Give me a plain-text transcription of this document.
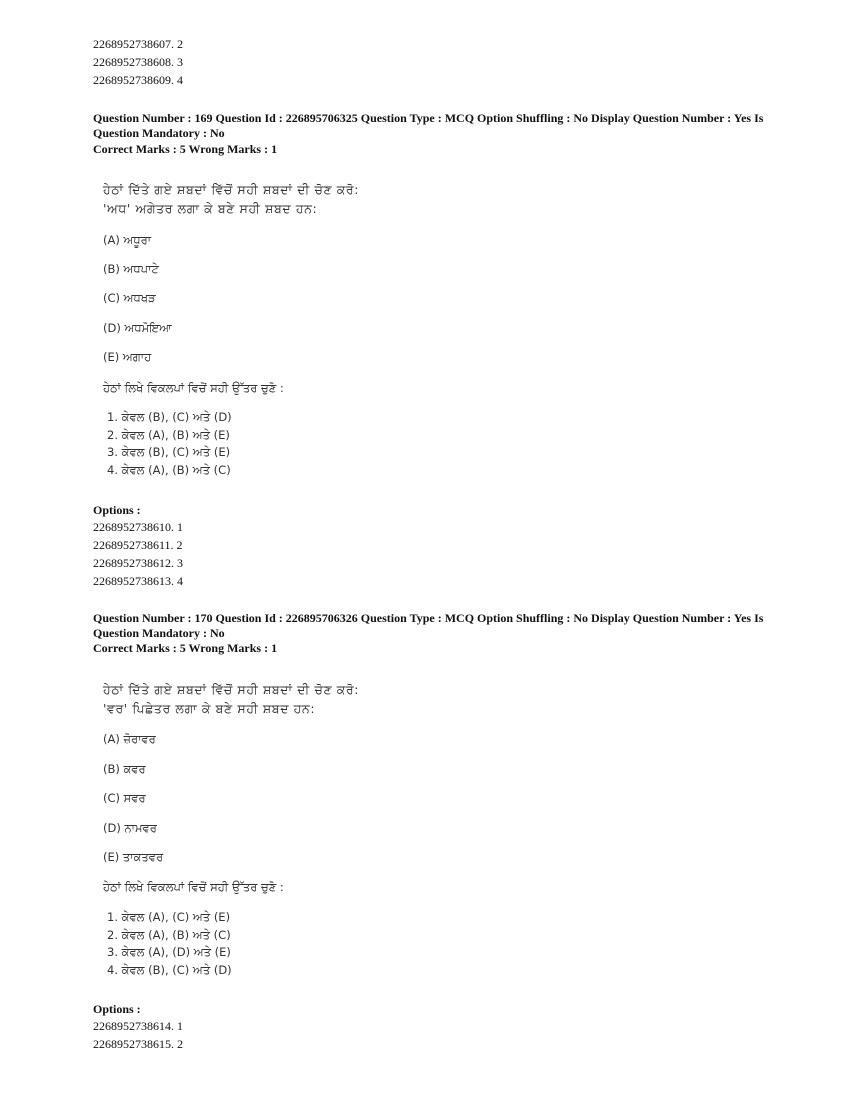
2268952738607. 2
2268952738608. 3
2268952738609. 4
Question Number : 169 Question Id : 226895706325 Question Type : MCQ Option Shuffling : No Display Question Number : Yes Is Question Mandatory : No
Correct Marks : 5 Wrong Marks : 1
ਹੇਠਾਂ ਦਿੱਤੇ ਗਏ ਸ਼ਬਦਾਂ ਵਿੱਚੋਂ ਸਹੀ ਸ਼ਬਦਾਂ ਦੀ ਚੋਣ ਕਰੋ:
'ਅਧ' ਅਗੇਤਰ ਲਗਾ ਕੇ ਬਣੇ ਸਹੀ ਸ਼ਬਦ ਹਨ:
(A) ਅਧੂਰਾ
(B) ਅਧਪਾਟੇ
(C) ਅਧਖੜ
(D) ਅਧਮੋਇਆ
(E) ਅਗਾਹ
ਹੇਠਾਂ ਲਿਖੇ ਵਿਕਲਪਾਂ ਵਿਚੋਂ ਸਹੀ ਉੱਤਰ ਚੁਣੋ :
1. ਕੇਵਲ (B), (C) ਅਤੇ (D)
2. ਕੇਵਲ (A), (B) ਅਤੇ (E)
3. ਕੇਵਲ (B), (C) ਅਤੇ (E)
4. ਕੇਵਲ (A), (B) ਅਤੇ (C)
Options :
2268952738610. 1
2268952738611. 2
2268952738612. 3
2268952738613. 4
Question Number : 170 Question Id : 226895706326 Question Type : MCQ Option Shuffling : No Display Question Number : Yes Is Question Mandatory : No
Correct Marks : 5 Wrong Marks : 1
ਹੇਠਾਂ ਦਿੱਤੇ ਗਏ ਸ਼ਬਦਾਂ ਵਿੱਚੋਂ ਸਹੀ ਸ਼ਬਦਾਂ ਦੀ ਚੋਣ ਕਰੋ:
'ਵਰ' ਪਿਛੇਤਰ ਲਗਾ ਕੇ ਬਣੇ ਸਹੀ ਸ਼ਬਦ ਹਨ:
(A) ਜ਼ੋਰਾਵਰ
(B) ਕਵਰ
(C) ਸਵਰ
(D) ਨਾਮਵਰ
(E) ਤਾਕਤਵਰ
ਹੇਠਾਂ ਲਿਖੇ ਵਿਕਲਪਾਂ ਵਿਚੋਂ ਸਹੀ ਉੱਤਰ ਚੁਣੋ :
1. ਕੇਵਲ (A), (C) ਅਤੇ (E)
2. ਕੇਵਲ (A), (B) ਅਤੇ (C)
3. ਕੇਵਲ (A), (D) ਅਤੇ (E)
4. ਕੇਵਲ (B), (C) ਅਤੇ (D)
Options :
2268952738614. 1
2268952738615. 2
